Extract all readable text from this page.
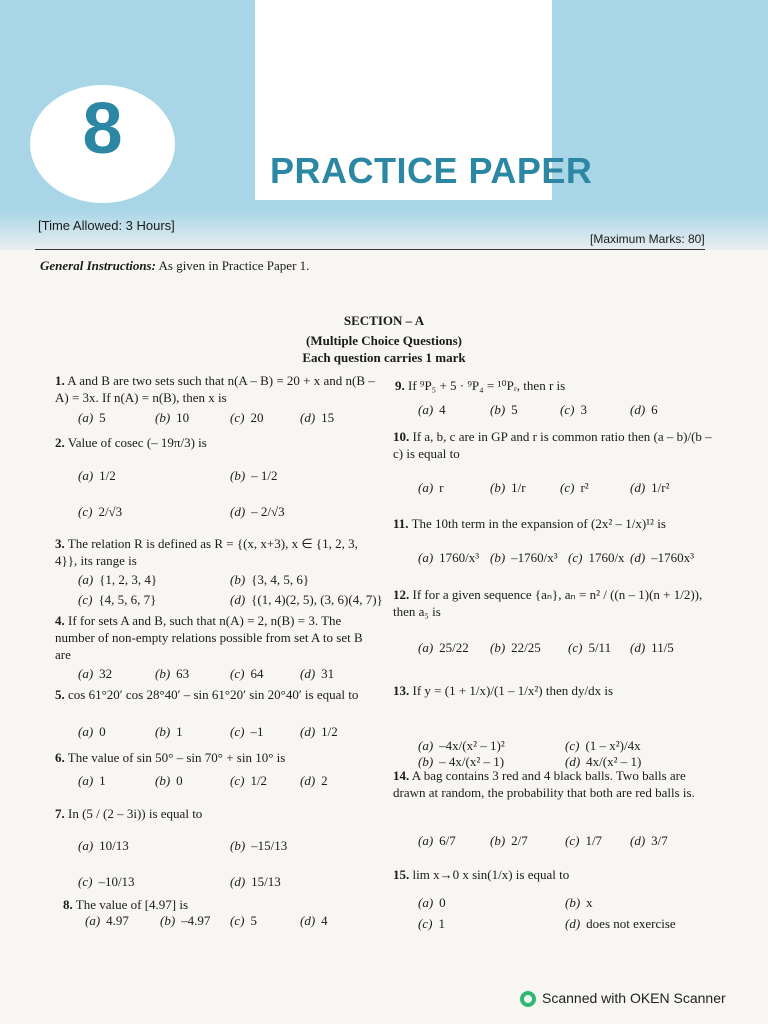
8
PRACTICE PAPER
[Time Allowed: 3 Hours]
[Maximum Marks: 80]
General Instructions: As given in Practice Paper 1.
SECTION – A
(Multiple Choice Questions)
Each question carries 1 mark
1. A and B are two sets such that n(A – B) = 20 + x and n(B – A) = 3x. If n(A) = n(B), then x is
(a) 5	(b) 10	(c) 20	(d) 15
2. Value of cosec (– 19π/3) is
(a) 1/2	(b) – 1/2
(c) 2/√3	(d) – 2/√3
3. The relation R is defined as R = {(x, x+3), x ∈ {1, 2, 3, 4}}, its range is
(a) {1, 2, 3, 4}	(b) {3, 4, 5, 6}
(c) {4, 5, 6, 7}	(d) {(1, 4)(2, 5), (3, 6)(4, 7)}
4. If for sets A and B, such that n(A) = 2, n(B) = 3. The number of non-empty relations possible from set A to set B are
(a) 32	(b) 63	(c) 64	(d) 31
5. cos 61°20′ cos 28°40′ – sin 61°20′ sin 20°40′ is equal to
(a) 0	(b) 1	(c) –1	(d) 1/2
6. The value of sin 50° – sin 70° + sin 10° is
(a) 1	(b) 0	(c) 1/2	(d) 2
7. In (5 / (2 – 3i)) is equal to
(a) 10/13	(b) –15/13
(c) –10/13	(d) 15/13
8. The value of [4.97] is
(a) 4.97 (b) –4.97 (c) 5	(d) 4
9. If ⁹P₅ + 5 · ⁹P₄ = ¹⁰Pᵣ, then r is
(a) 4	(b) 5	(c) 3	(d) 6
10. If a, b, c are in GP and r is common ratio then (a – b)/(b – c) is equal to
(a) r	(b) 1/r	(c) r²	(d) 1/r²
11. The 10th term in the expansion of (2x² – 1/x)¹² is
(a) 1760/x³ (b) –1760/x³ (c) 1760/x (d) –1760x³
12. If for a given sequence {aₙ}, aₙ = n² / ((n – 1)(n + 1/2)), then a₅ is
(a) 25/22 (b) 22/25 (c) 5/11 (d) 11/5
13. If y = (1 + 1/x)/(1 – 1/x²) then dy/dx is
(a) –4x/(x² – 1)²
(b) – 4x/(x² – 1)
(c) (1 – x²)/4x
(d) 4x/(x² – 1)
14. A bag contains 3 red and 4 black balls. Two balls are drawn at random, the probability that both are red balls is.
(a) 6/7	(b) 2/7	(c) 1/7 (d) 3/7
15. lim x→0 x sin(1/x) is equal to
(a) 0	(b) x
(c) 1	(d) does not exercise
Scanned with OKEN Scanner
